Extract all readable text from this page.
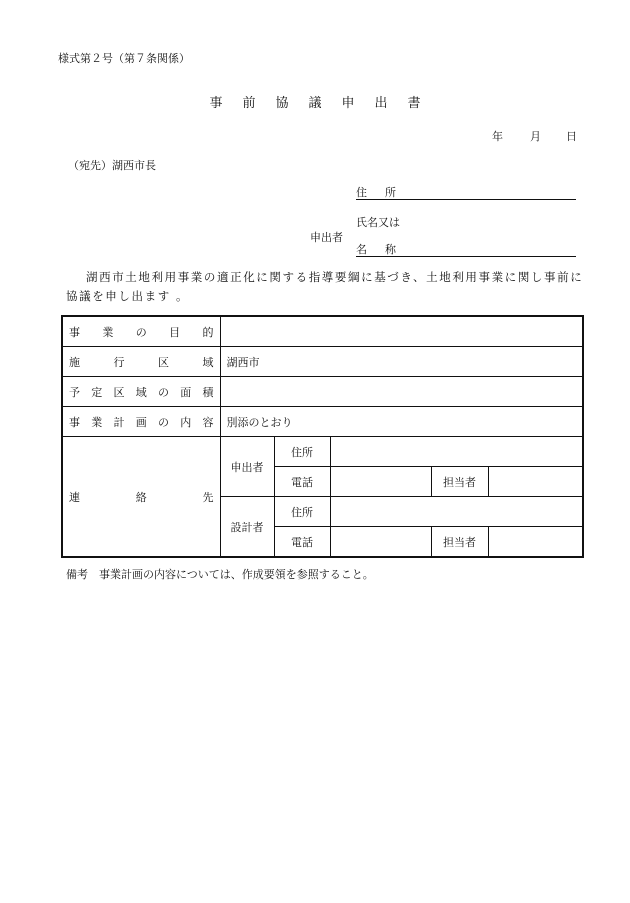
様式第２号（第７条関係）
事前協議申出書
年 月 日
（宛先）湖西市長
住所
申出者
氏名又は
名称
湖西市土地利用事業の適正化に関する指導要綱に基づき、土地利用事業に関し事前に協議を申し出ます 。
事業の目的					
施行区域	湖西市				
予定区域の面積					
事業計画の内容	別添のとおり				
連絡先	申出者	住所			
		電話		担当者	
	設計者	住所			
		電話		担当者	
備考　事業計画の内容については、作成要領を参照すること。
